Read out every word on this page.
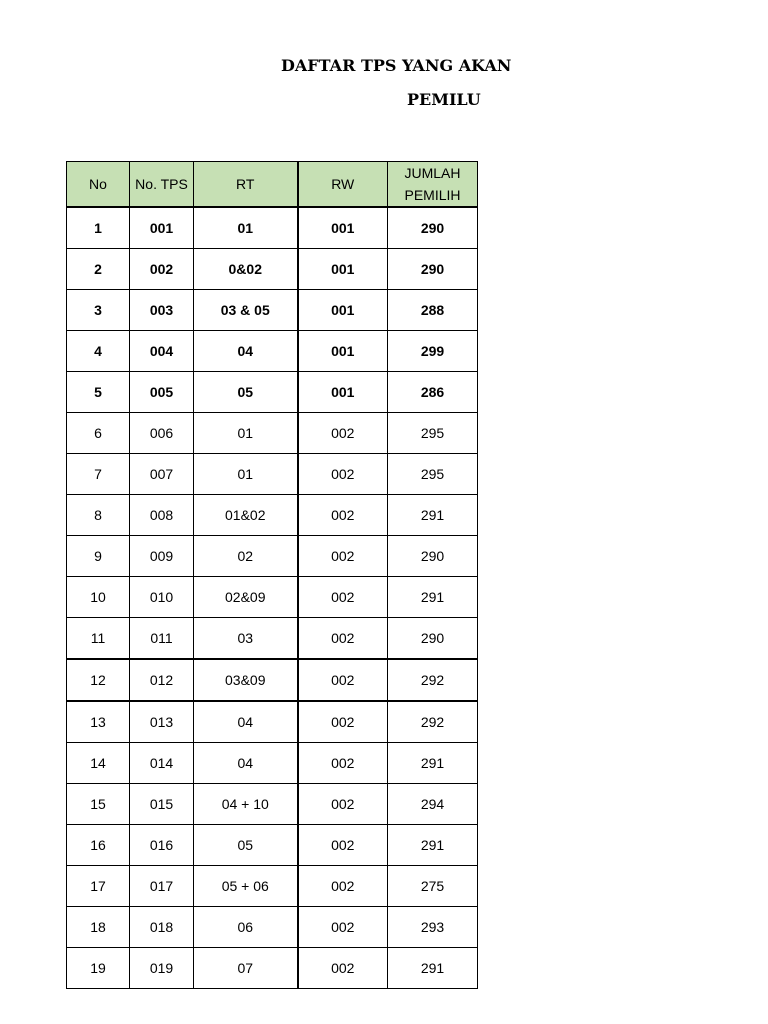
DAFTAR TPS YANG AKAN
PEMILU
No	No. TPS	RT	RW	JUMLAH
PEMILIH

1	001	01	001	290
2	002	0&02	001	290
3	003	03 & 05	001	288
4	004	04	001	299
5	005	05	001	286
6	006	01	002	295
7	007	01	002	295
8	008	01&02	002	291
9	009	02	002	290
10	010	02&09	002	291
11	011	03	002	290
12	012	03&09	002	292
13	013	04	002	292
14	014	04	002	291
15	015	04 + 10	002	294
16	016	05	002	291
17	017	05 + 06	002	275
18	018	06	002	293
19	019	07	002	291
